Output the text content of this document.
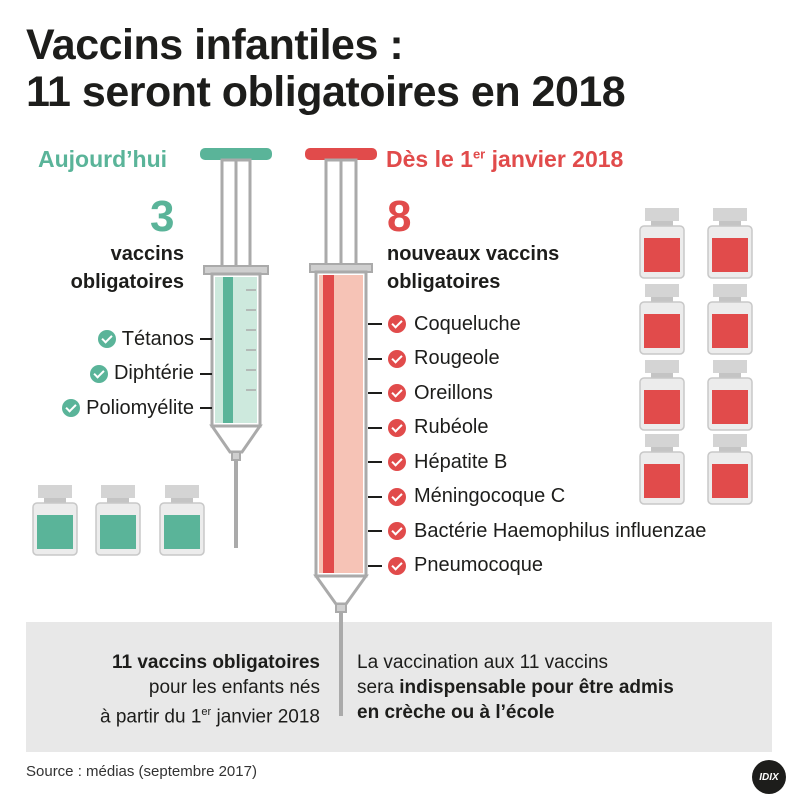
Vaccins infantiles :
11 seront obligatoires en 2018
Aujourd’hui	Dès le 1er janvier 2018
3	8
vaccins
obligatoires
nouveaux vaccins
obligatoires
Tétanos
Diphtérie
Poliomyélite
Coqueluche
Rougeole
Oreillons
Rubéole
Hépatite B
Méningocoque C
Bactérie Haemophilus influenzae
Pneumocoque
11 vaccins obligatoires
pour les enfants nés
à partir du 1er janvier 2018
La vaccination aux 11 vaccins
sera indispensable pour être admis
en crèche ou à l’école
Source : médias (septembre 2017)	IDIX
